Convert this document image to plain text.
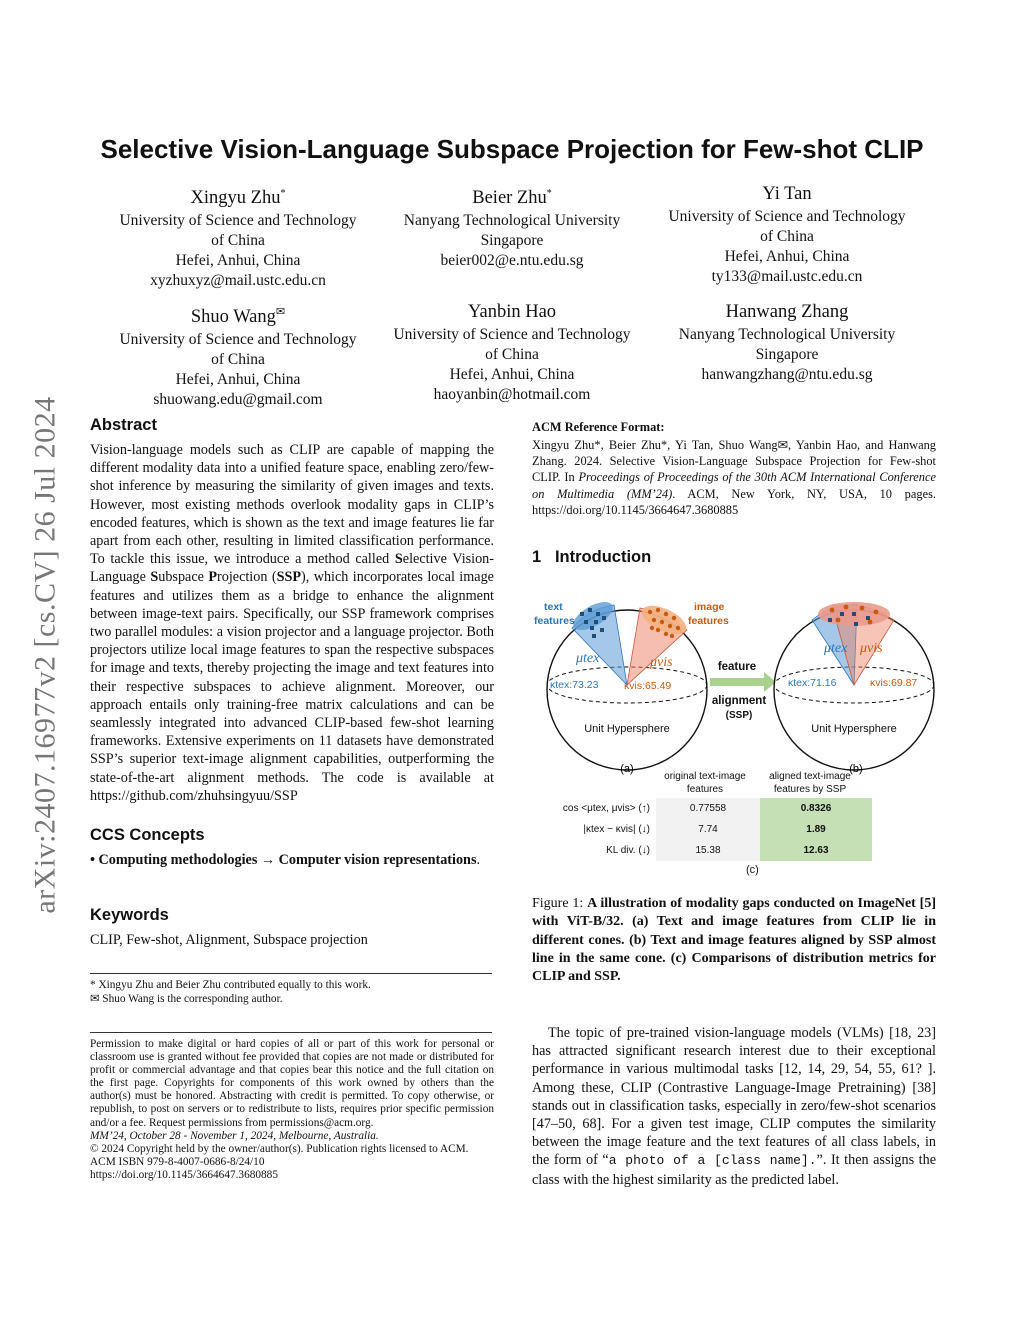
arXiv:2407.16977v2 [cs.CV] 26 Jul 2024
Selective Vision-Language Subspace Projection for Few-shot CLIP
Xingyu Zhu*
University of Science and Technology
of China
Hefei, Anhui, China
xyzhuxyz@mail.ustc.edu.cn
Beier Zhu*
Nanyang Technological University
Singapore
beier002@e.ntu.edu.sg
Yi Tan
University of Science and Technology
of China
Hefei, Anhui, China
ty133@mail.ustc.edu.cn
Shuo Wang✉
University of Science and Technology
of China
Hefei, Anhui, China
shuowang.edu@gmail.com
Yanbin Hao
University of Science and Technology
of China
Hefei, Anhui, China
haoyanbin@hotmail.com
Hanwang Zhang
Nanyang Technological University
Singapore
hanwangzhang@ntu.edu.sg
Abstract
Vision-language models such as CLIP are capable of mapping the different modality data into a unified feature space, enabling zero/few-shot inference by measuring the similarity of given images and texts. However, most existing methods overlook modality gaps in CLIP’s encoded features, which is shown as the text and image features lie far apart from each other, resulting in limited classification performance. To tackle this issue, we introduce a method called Selective Vision-Language Subspace Projection (SSP), which incorporates local image features and utilizes them as a bridge to enhance the alignment between image-text pairs. Specifically, our SSP framework comprises two parallel modules: a vision projector and a language projector. Both projectors utilize local image features to span the respective subspaces for image and texts, thereby projecting the image and text features into their respective subspaces to achieve alignment. Moreover, our approach entails only training-free matrix calculations and can be seamlessly integrated into advanced CLIP-based few-shot learning frameworks. Extensive experiments on 11 datasets have demonstrated SSP’s superior text-image alignment capabilities, outperforming the state-of-the-art alignment methods. The code is available at https://github.com/zhuhsingyuu/SSP
CCS Concepts
• Computing methodologies → Computer vision representations.
Keywords
CLIP, Few-shot, Alignment, Subspace projection
* Xingyu Zhu and Beier Zhu contributed equally to this work.
✉ Shuo Wang is the corresponding author.
Permission to make digital or hard copies of all or part of this work for personal or classroom use is granted without fee provided that copies are not made or distributed for profit or commercial advantage and that copies bear this notice and the full citation on the first page. Copyrights for components of this work owned by others than the author(s) must be honored. Abstracting with credit is permitted. To copy otherwise, or republish, to post on servers or to redistribute to lists, requires prior specific permission and/or a fee. Request permissions from permissions@acm.org.
MM’24, October 28 - November 1, 2024, Melbourne, Australia.
© 2024 Copyright held by the owner/author(s). Publication rights licensed to ACM.
ACM ISBN 979-8-4007-0686-8/24/10
https://doi.org/10.1145/3664647.3680885
ACM Reference Format:
Xingyu Zhu*, Beier Zhu*, Yi Tan, Shuo Wang✉, Yanbin Hao, and Hanwang Zhang. 2024. Selective Vision-Language Subspace Projection for Few-shot CLIP. In Proceedings of Proceedings of the 30th ACM International Conference on Multimedia (MM’24). ACM, New York, NY, USA, 10 pages. https://doi.org/10.1145/3664647.3680885
1 Introduction
μtex	μvis
κtex:73.23 κvis:65.49
Unit Hypersphere
text features
image features
feature
alignment
(SSP)
μtex μvis
κtex:71.16	κvis:69.87
Unit Hypersphere
(a)	(b)
original text-image
features
aligned text-image
features by SSP
cos <μtex, μvis> (↑)	0.77558	0.8326
|κtex − κvis| (↓)	7.74	1.89
KL div. (↓)	15.38	12.63
(c)
Figure 1: A illustration of modality gaps conducted on ImageNet [5] with ViT-B/32. (a) Text and image features from CLIP lie in different cones. (b) Text and image features aligned by SSP almost line in the same cone. (c) Comparisons of distribution metrics for CLIP and SSP.
The topic of pre-trained vision-language models (VLMs) [18, 23] has attracted significant research interest due to their exceptional performance in various multimodal tasks [12, 14, 29, 54, 55, 61? ]. Among these, CLIP (Contrastive Language-Image Pretraining) [38] stands out in classification tasks, especially in zero/few-shot scenarios [47–50, 68]. For a given test image, CLIP computes the similarity between the image feature and the text features of all class labels, in the form of “a photo of a [class name].”. It then assigns the class with the highest similarity as the predicted label.
